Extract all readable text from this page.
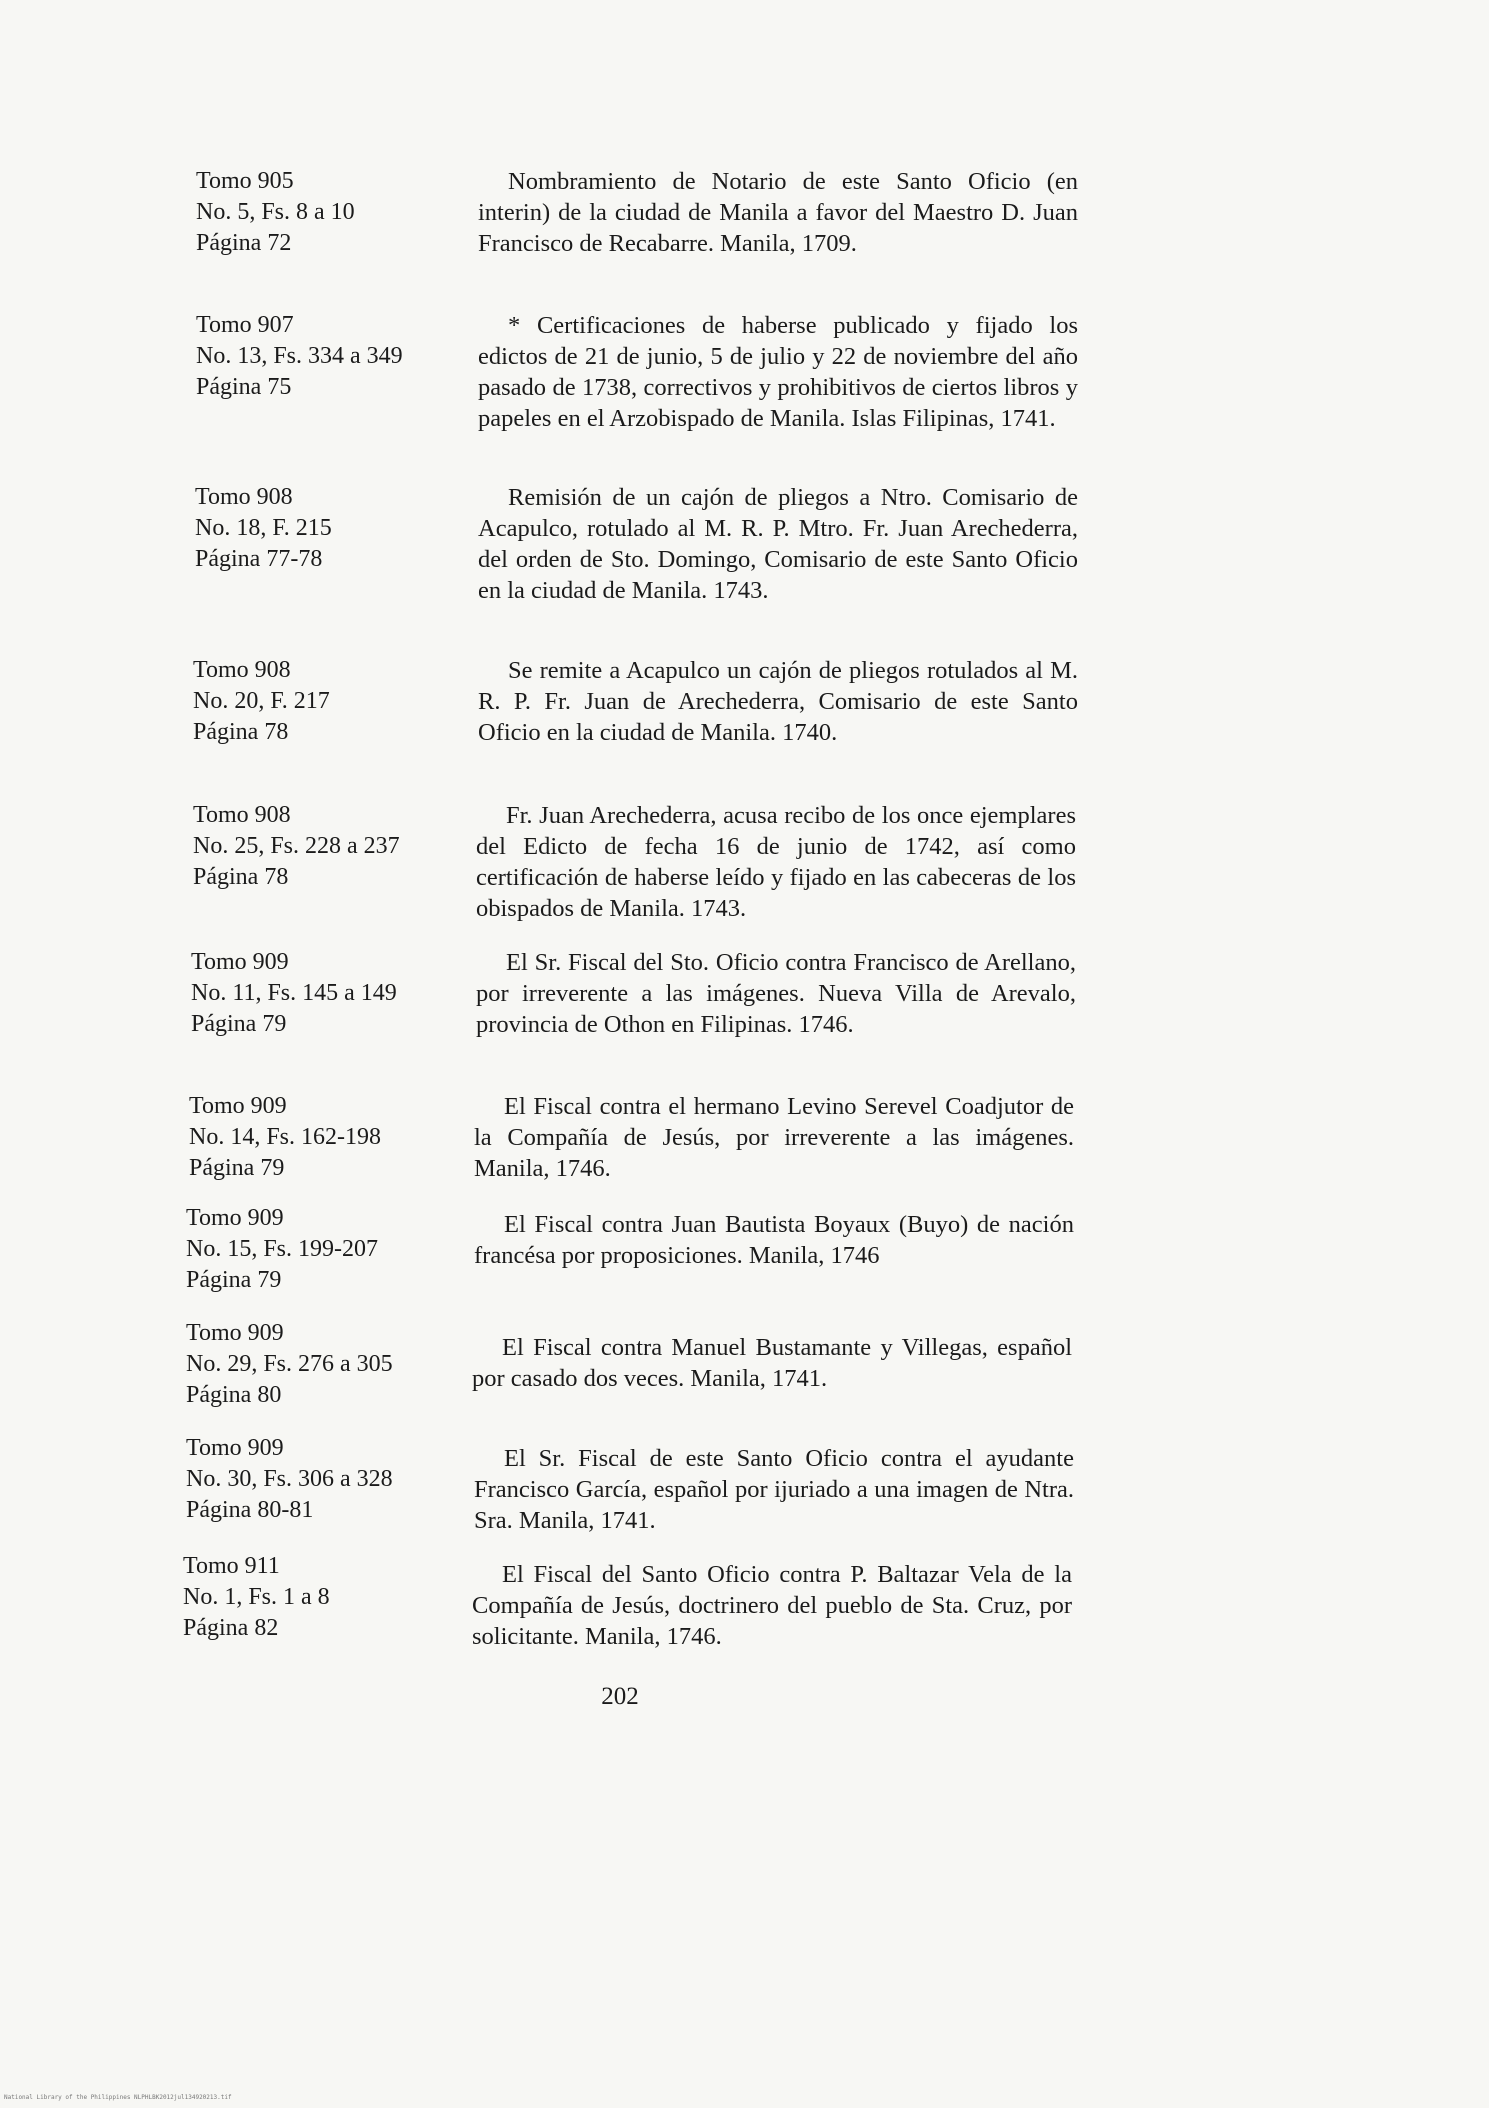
Tomo 905
No. 5, Fs. 8 a 10
Página 72
Nombramiento de Notario de este Santo Oficio (en interin) de la ciudad de Manila a favor del Maestro D. Juan Francisco de Recabarre. Manila, 1709.
Tomo 907
No. 13, Fs. 334 a 349
Página 75
* Certificaciones de haberse publicado y fijado los edictos de 21 de junio, 5 de julio y 22 de noviembre del año pasado de 1738, correctivos y prohibitivos de ciertos libros y papeles en el Arzobispado de Manila. Islas Filipinas, 1741.
Tomo 908
No. 18, F. 215
Página 77-78
Remisión de un cajón de pliegos a Ntro. Comisario de Acapulco, rotulado al M. R. P. Mtro. Fr. Juan Arechederra, del orden de Sto. Domingo, Comisario de este Santo Oficio en la ciudad de Manila. 1743.
Tomo 908
No. 20, F. 217
Página 78
Se remite a Acapulco un cajón de pliegos rotulados al M. R. P. Fr. Juan de Arechederra, Comisario de este Santo Oficio en la ciudad de Manila. 1740.
Tomo 908
No. 25, Fs. 228 a 237
Página 78
Fr. Juan Arechederra, acusa recibo de los once ejemplares del Edicto de fecha 16 de junio de 1742, así como certificación de haberse leído y fijado en las cabeceras de los obispados de Manila. 1743.
Tomo 909
No. 11, Fs. 145 a 149
Página 79
El Sr. Fiscal del Sto. Oficio contra Francisco de Arellano, por irreverente a las imágenes. Nueva Villa de Arevalo, provincia de Othon en Filipinas. 1746.
Tomo 909
No. 14, Fs. 162-198
Página 79
El Fiscal contra el hermano Levino Serevel Coadjutor de la Compañía de Jesús, por irreverente a las imágenes. Manila, 1746.
Tomo 909
No. 15, Fs. 199-207
Página 79
El Fiscal contra Juan Bautista Boyaux (Buyo) de nación francésa por proposiciones. Manila, 1746
Tomo 909
No. 29, Fs. 276 a 305
Página 80
El Fiscal contra Manuel Bustamante y Villegas, español por casado dos veces. Manila, 1741.
Tomo 909
No. 30, Fs. 306 a 328
Página 80-81
El Sr. Fiscal de este Santo Oficio contra el ayudante Francisco García, español por ijuriado a una imagen de Ntra. Sra. Manila, 1741.
Tomo 911
No. 1, Fs. 1 a 8
Página 82
El Fiscal del Santo Oficio contra P. Baltazar Vela de la Compañía de Jesús, doctrinero del pueblo de Sta. Cruz, por solicitante. Manila, 1746.
202
National Library of the Philippines NLPHLBK2012jul134920213.tif
